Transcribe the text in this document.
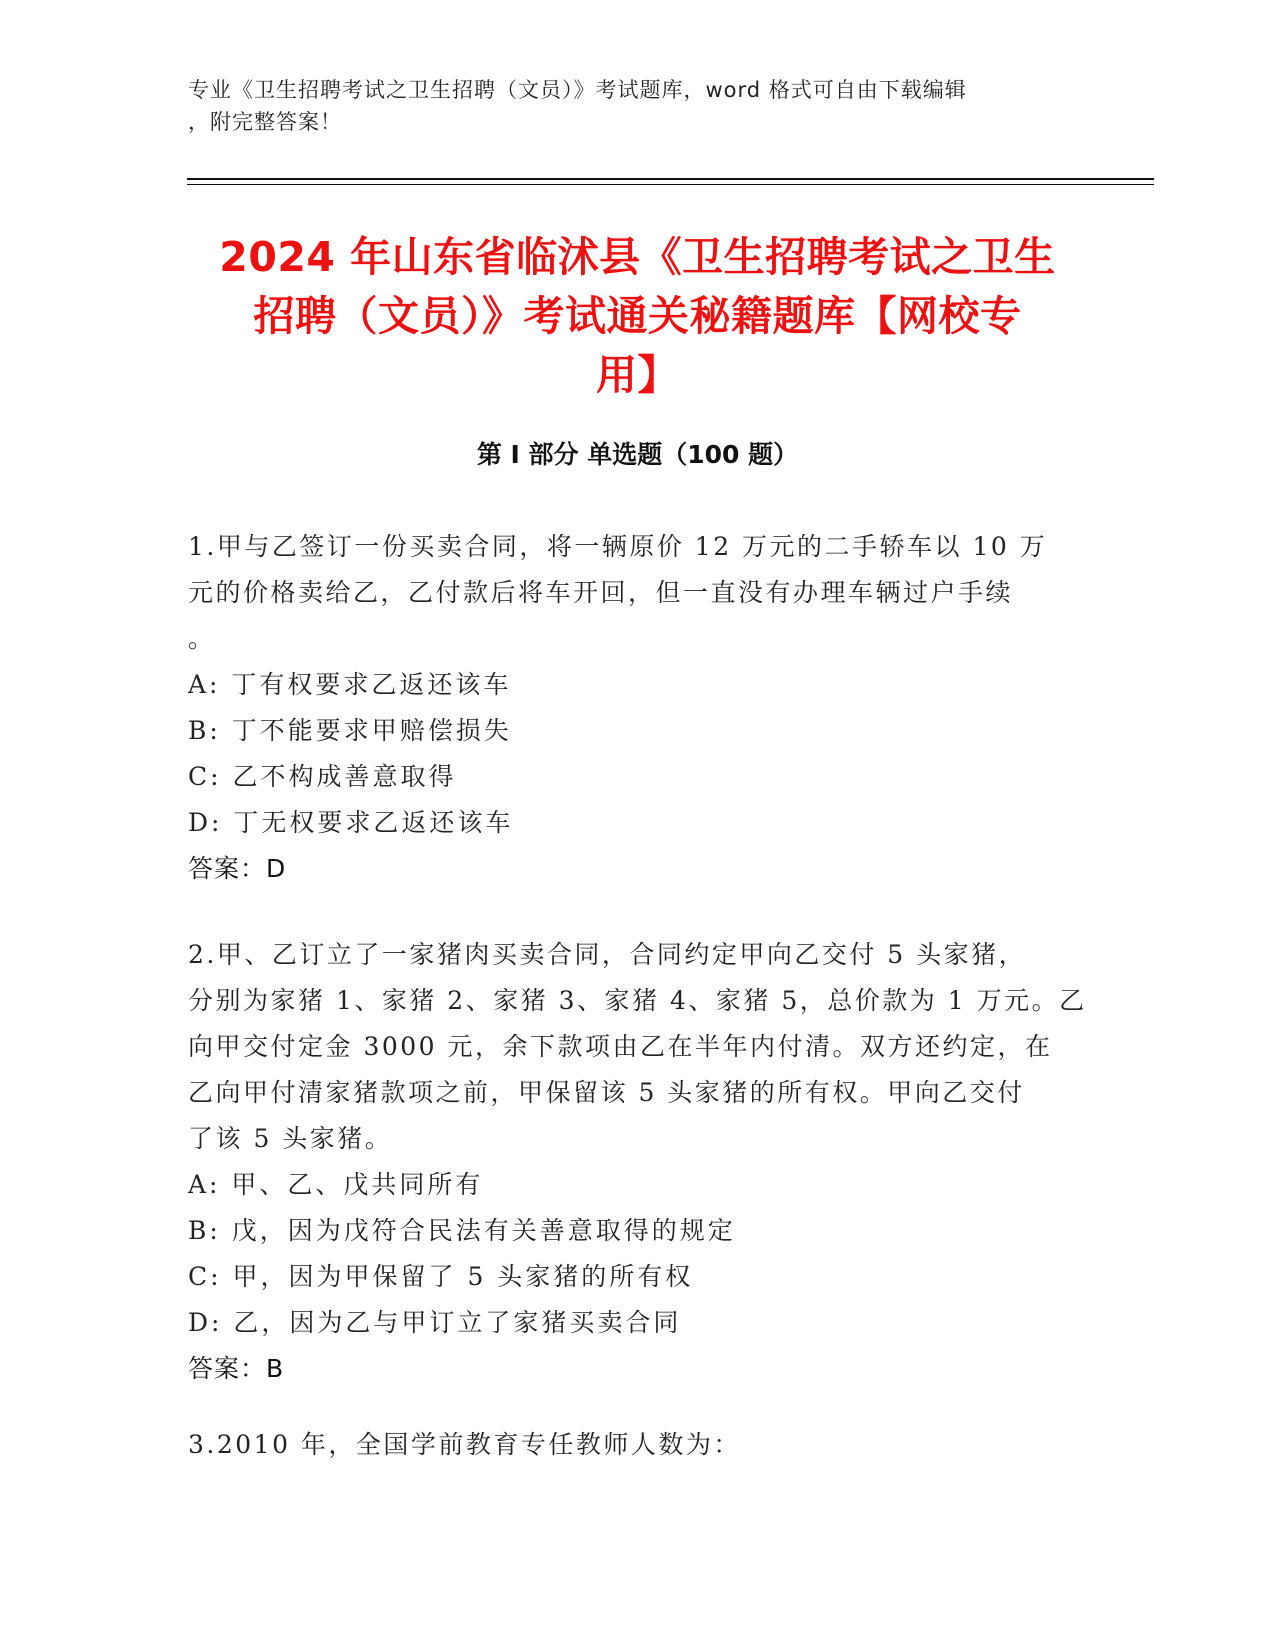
专业《卫生招聘考试之卫生招聘（文员）》考试题库，word 格式可自由下载编辑
，附完整答案！
2024 年山东省临沭县《卫生招聘考试之卫生
招聘（文员）》考试通关秘籍题库【网校专
用】
第 I 部分 单选题（100 题）
1.甲与乙签订一份买卖合同，将一辆原价 12 万元的二手轿车以 10 万
元的价格卖给乙，乙付款后将车开回，但一直没有办理车辆过户手续
。
A: 丁有权要求乙返还该车
B: 丁不能要求甲赔偿损失
C: 乙不构成善意取得
D: 丁无权要求乙返还该车
答案：D
2.甲、乙订立了一家猪肉买卖合同，合同约定甲向乙交付 5 头家猪，
分别为家猪 1、家猪 2、家猪 3、家猪 4、家猪 5，总价款为 1 万元。乙
向甲交付定金 3000 元，余下款项由乙在半年内付清。双方还约定，在
乙向甲付清家猪款项之前，甲保留该 5 头家猪的所有权。甲向乙交付
了该 5 头家猪。
A: 甲、乙、戊共同所有
B: 戊，因为戊符合民法有关善意取得的规定
C: 甲，因为甲保留了 5 头家猪的所有权
D: 乙，因为乙与甲订立了家猪买卖合同
答案：B
3.2010 年，全国学前教育专任教师人数为：
